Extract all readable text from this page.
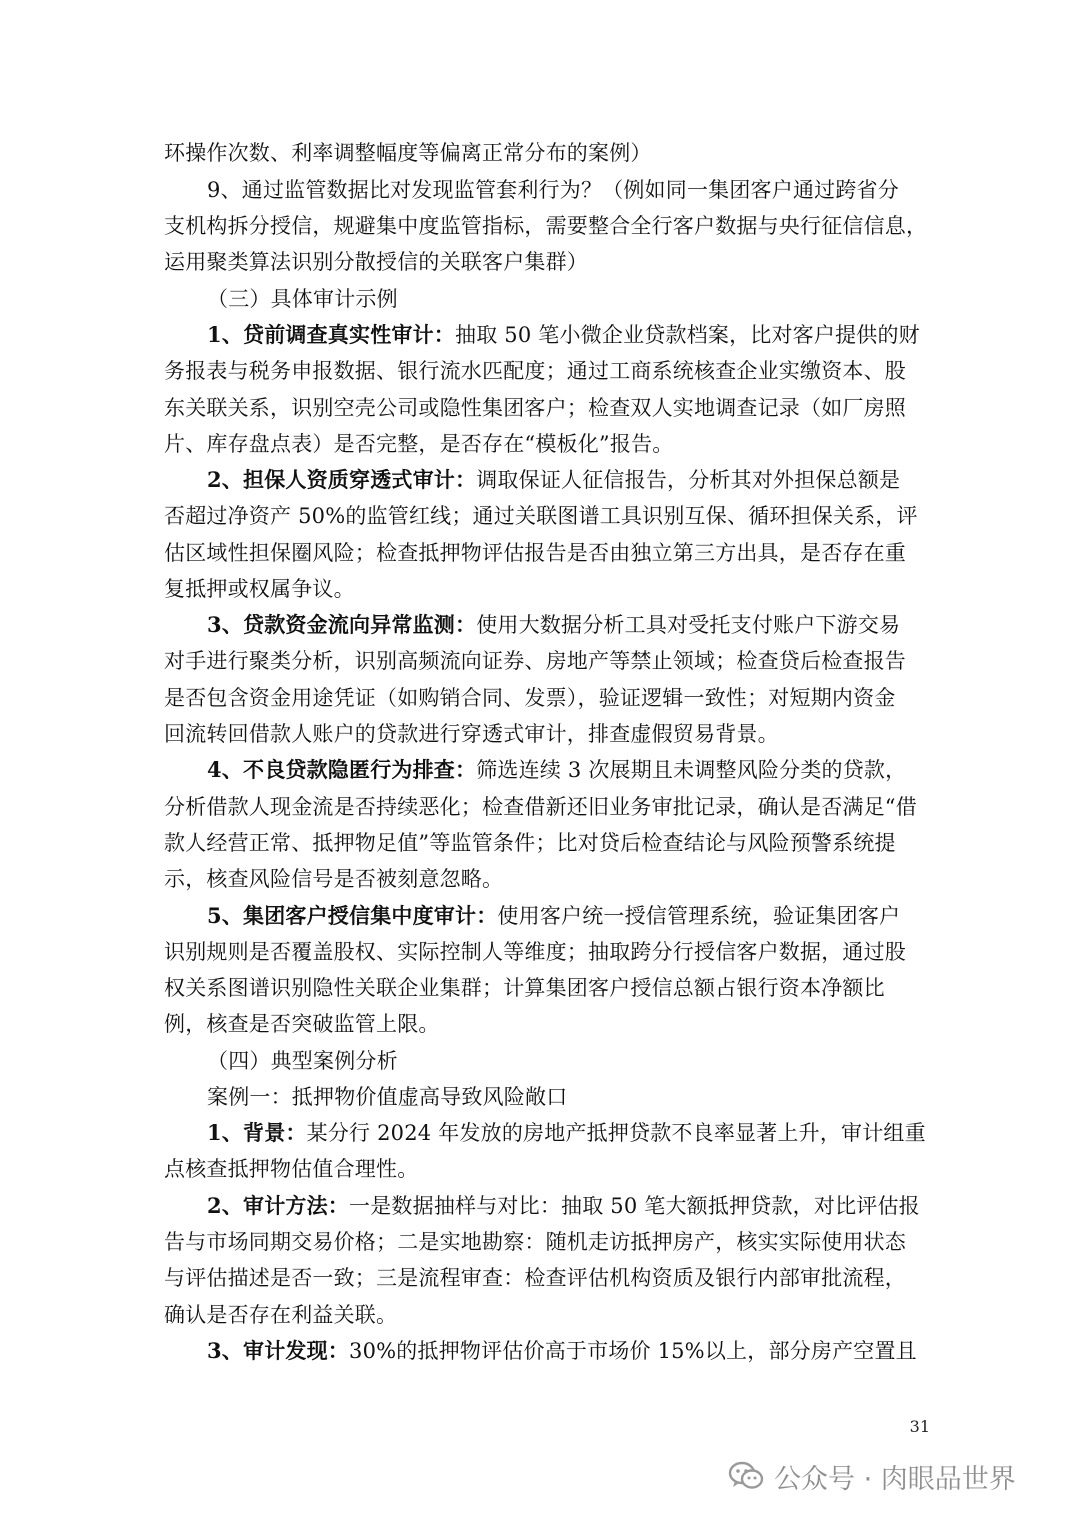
环操作次数、利率调整幅度等偏离正常分布的案例）
9、通过监管数据比对发现监管套利行为？（例如同一集团客户通过跨省分
支机构拆分授信，规避集中度监管指标，需要整合全行客户数据与央行征信信息，
运用聚类算法识别分散授信的关联客户集群）
（三）具体审计示例
1、贷前调查真实性审计：抽取 50 笔小微企业贷款档案，比对客户提供的财
务报表与税务申报数据、银行流水匹配度；通过工商系统核查企业实缴资本、股
东关联关系，识别空壳公司或隐性集团客户；检查双人实地调查记录（如厂房照
片、库存盘点表）是否完整，是否存在“模板化”报告。
2、担保人资质穿透式审计：调取保证人征信报告，分析其对外担保总额是
否超过净资产 50%的监管红线；通过关联图谱工具识别互保、循环担保关系，评
估区域性担保圈风险；检查抵押物评估报告是否由独立第三方出具，是否存在重
复抵押或权属争议。
3、贷款资金流向异常监测：使用大数据分析工具对受托支付账户下游交易
对手进行聚类分析，识别高频流向证券、房地产等禁止领域；检查贷后检查报告
是否包含资金用途凭证（如购销合同、发票），验证逻辑一致性；对短期内资金
回流转回借款人账户的贷款进行穿透式审计，排查虚假贸易背景。
4、不良贷款隐匿行为排查：筛选连续 3 次展期且未调整风险分类的贷款，
分析借款人现金流是否持续恶化；检查借新还旧业务审批记录，确认是否满足“借
款人经营正常、抵押物足值”等监管条件；比对贷后检查结论与风险预警系统提
示，核查风险信号是否被刻意忽略。
5、集团客户授信集中度审计：使用客户统一授信管理系统，验证集团客户
识别规则是否覆盖股权、实际控制人等维度；抽取跨分行授信客户数据，通过股
权关系图谱识别隐性关联企业集群；计算集团客户授信总额占银行资本净额比
例，核查是否突破监管上限。
（四）典型案例分析
案例一：抵押物价值虚高导致风险敞口
1、背景：某分行 2024 年发放的房地产抵押贷款不良率显著上升，审计组重
点核查抵押物估值合理性。
2、审计方法：一是数据抽样与对比：抽取 50 笔大额抵押贷款，对比评估报
告与市场同期交易价格；二是实地勘察：随机走访抵押房产，核实实际使用状态
与评估描述是否一致；三是流程审查：检查评估机构资质及银行内部审批流程，
确认是否存在利益关联。
3、审计发现：30%的抵押物评估价高于市场价 15%以上，部分房产空置且
31
公众号 · 肉眼品世界
